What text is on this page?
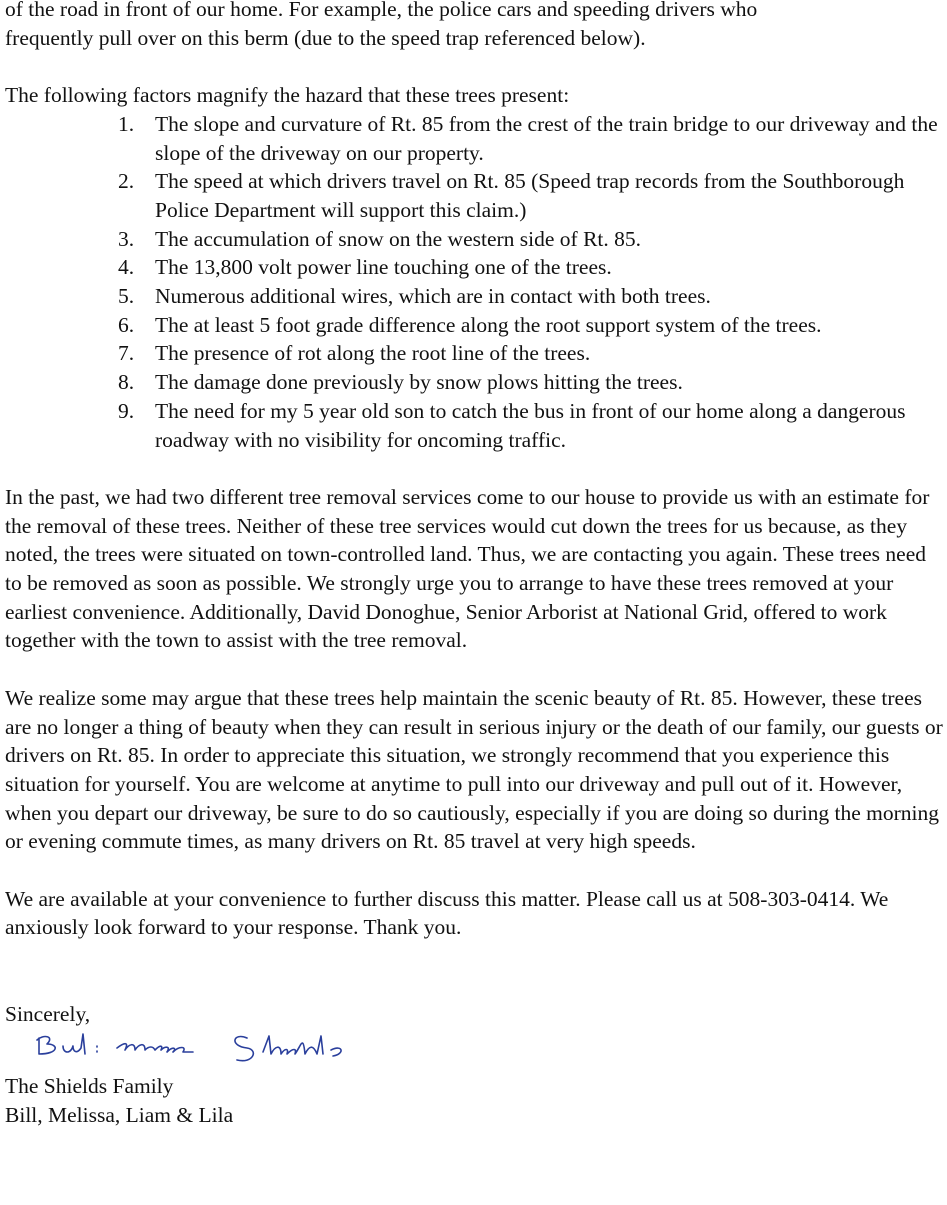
of the road in front of our home. For example, the police cars and speeding drivers who

frequently pull over on this berm (due to the speed trap referenced below).

The following factors magnify the hazard that these trees present:

1. The slope and curvature of Rt. 85 from the crest of the train bridge to our driveway and the slope of the driveway on our property.
2. The speed at which drivers travel on Rt. 85 (Speed trap records from the Southborough Police Department will support this claim.)
3. The accumulation of snow on the western side of Rt. 85.
4. The 13,800 volt power line touching one of the trees.
5. Numerous additional wires, which are in contact with both trees.
6. The at least 5 foot grade difference along the root support system of the trees.
7. The presence of rot along the root line of the trees.
8. The damage done previously by snow plows hitting the trees.
9. The need for my 5 year old son to catch the bus in front of our home along a dangerous roadway with no visibility for oncoming traffic.

In the past, we had two different tree removal services come to our house to provide us with an estimate for the removal of these trees. Neither of these tree services would cut down the trees for us because, as they noted, the trees were situated on town-controlled land. Thus, we are contacting you again. These trees need to be removed as soon as possible. We strongly urge you to arrange to have these trees removed at your earliest convenience. Additionally, David Donoghue, Senior Arborist at National Grid, offered to work together with the town to assist with the tree removal.

We realize some may argue that these trees help maintain the scenic beauty of Rt. 85. However, these trees are no longer a thing of beauty when they can result in serious injury or the death of our family, our guests or drivers on Rt. 85. In order to appreciate this situation, we strongly recommend that you experience this situation for yourself. You are welcome at anytime to pull into our driveway and pull out of it. However, when you depart our driveway, be sure to do so cautiously, especially if you are doing so during the morning or evening commute times, as many drivers on Rt. 85 travel at very high speeds.

We are available at your convenience to further discuss this matter. Please call us at 508-303-0414. We anxiously look forward to your response. Thank you.

Sincerely,

The Shields Family

Bill, Melissa, Liam & Lila
